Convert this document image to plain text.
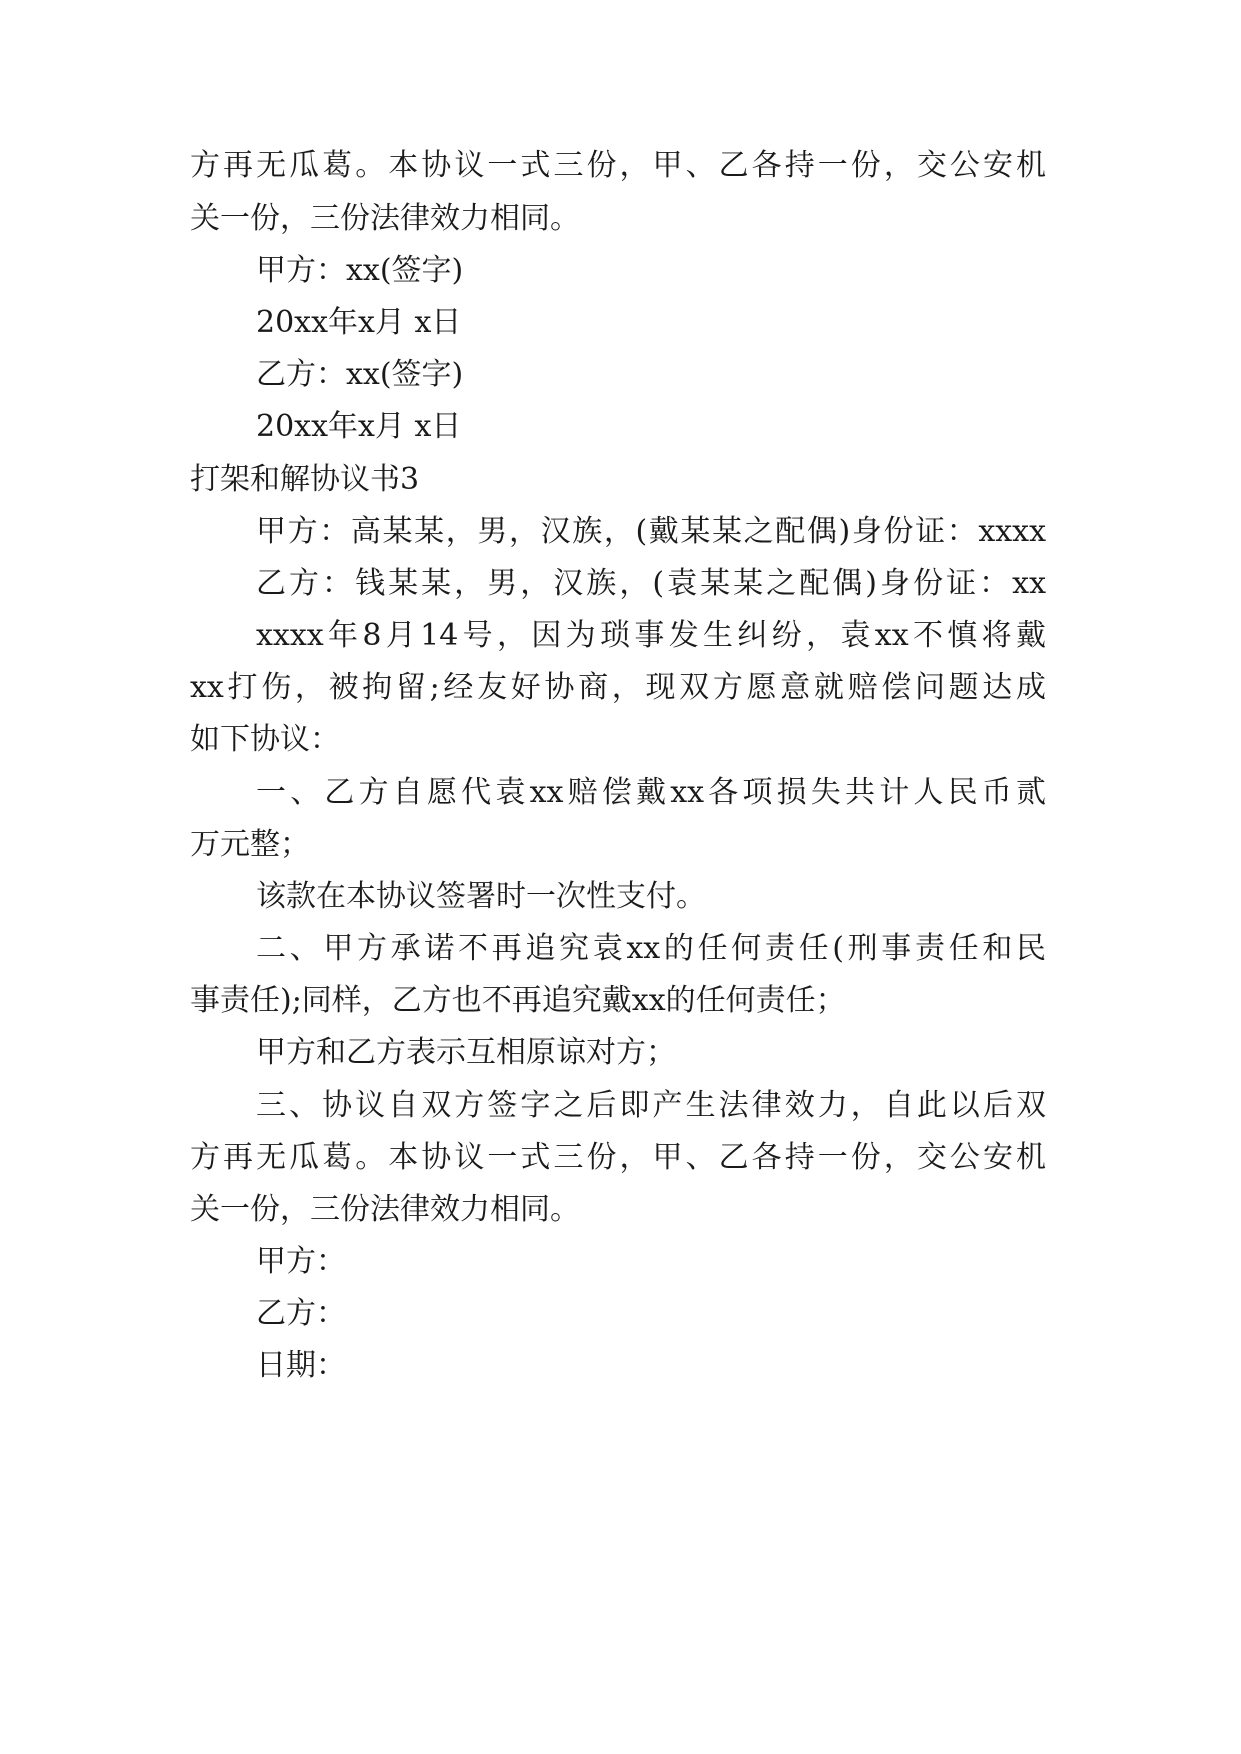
方再无瓜葛。本协议一式三份，甲、乙各持一份，交公安机
关一份，三份法律效力相同。
甲方：xx(签字)
20xx年x月 x日
乙方：xx(签字)
20xx年x月 x日
打架和解协议书3
甲方：高某某，男，汉族，(戴某某之配偶)身份证：xxxx
乙方：钱某某，男，汉族，(袁某某之配偶)身份证：xx
xxxx年8月14号，因为琐事发生纠纷，袁xx不慎将戴
xx打伤，被拘留;经友好协商，现双方愿意就赔偿问题达成
如下协议：
一、乙方自愿代袁xx赔偿戴xx各项损失共计人民币贰
万元整；
该款在本协议签署时一次性支付。
二、甲方承诺不再追究袁xx的任何责任(刑事责任和民
事责任);同样，乙方也不再追究戴xx的任何责任；
甲方和乙方表示互相原谅对方；
三、协议自双方签字之后即产生法律效力，自此以后双
方再无瓜葛。本协议一式三份，甲、乙各持一份，交公安机
关一份，三份法律效力相同。
甲方：
乙方：
日期：
